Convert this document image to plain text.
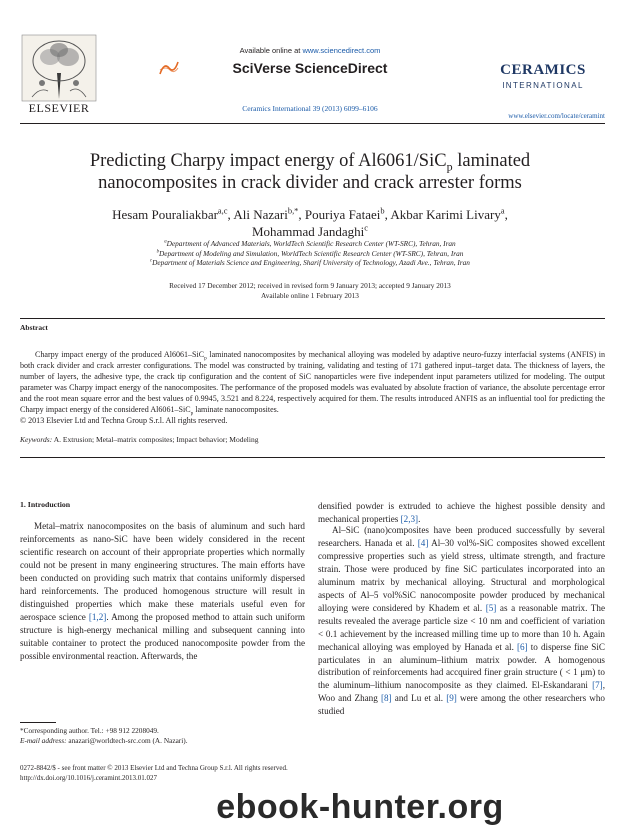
ELSEVIER
Available online at www.sciencedirect.com
SciVerse ScienceDirect
Ceramics International 39 (2013) 6099–6106
CERAMICS
INTERNATIONAL
www.elsevier.com/locate/ceramint
Predicting Charpy impact energy of Al6061/SiC$_p$ laminated
nanocomposites in crack divider and crack arrester forms
Hesam Pouraliakbar$^{a,c}$, Ali Nazari$^{b,*}$, Pouriya Fataei$^b$, Akbar Karimi Livary$^a$,
Mohammad Jandaghi$^c$
$^a$Department of Advanced Materials, WorldTech Scientific Research Center (WT-SRC), Tehran, Iran
$^b$Department of Modeling and Simulation, WorldTech Scientific Research Center (WT-SRC), Tehran, Iran
$^c$Department of Materials Science and Engineering, Sharif University of Technology, Azadi Ave., Tehran, Iran
Received 17 December 2012; received in revised form 9 January 2013; accepted 9 January 2013
Available online 1 February 2013
Abstract
Charpy impact energy of the produced Al6061–SiC$_p$ laminated nanocomposites by mechanical alloying was modeled by adaptive neuro-fuzzy interfacial systems (ANFIS) in both crack divider and crack arrester configurations. The model was constructed by training, validating and testing of 171 gathered input–target data. The thickness of layers, the number of layers, the adhesive type, the crack tip configuration and the content of SiC nanoparticles were five independent input parameters utilized for modeling. The output parameter was Charpy impact energy of the nanocomposites. The performance of the proposed models was evaluated by absolute fraction of variance, the absolute percentage error and the root mean square error and the best values of 0.9945, 3.521 and 8.224, respectively acquired for them. The results introduced ANFIS as an influential tool for predicting the Charpy impact energy of the considered Al6061–SiC$_p$ laminate nanocomposites.
© 2013 Elsevier Ltd and Techna Group S.r.l. All rights reserved.
Keywords: A. Extrusion; Metal–matrix composites; Impact behavior; Modeling
1. Introduction
Metal–matrix nanocomposites on the basis of aluminum and such hard reinforcements as nano-SiC have been widely considered in the recent scientific research on account of their appropriate properties which normally could not be present in many engineering structures. The main efforts have been conducted on providing such matrix that contains uniformly dispersed hard reinforcements. The produced homogenous structure will result in distinguished properties which make these materials useful even for aerospace science [1,2]. Among the proposed method to attain such uniform structure is high-energy mechanical milling and subsequent canning into suitable container to protect the produced nanocomposite powder from the possible environmental reaction. Afterwards, the
densified powder is extruded to achieve the highest possible density and mechanical properties [2,3].
Al–SiC (nano)composites have been produced successfully by several researchers. Hanada et al. [4] Al–30 vol%-SiC composites showed excellent compressive properties such as yield stress, ultimate strength, and fracture strain. Those were produced by fine SiC particulates incorporated into an aluminum matrix by mechanical alloying. Structural and morphological aspects of Al–5 vol%SiC nanocomposite powder produced by mechanical alloying were considered by Khadem et al. [5] as a reasonable matrix. The results revealed the average particle size < 10 nm and coefficient of variation < 0.1 achievement by the increased milling time up to more than 10 h. Again mechanical alloying was employed by Hanada et al. [6] to disperse fine SiC particulates in an aluminum–lithium matrix powder. A homogenous distribution of reinforcements had accquired finer grain structure ( < 1 μm) to the aluminum–lithium nanocomposite as they claimed. El-Eskandarani [7], Woo and Zhang [8] and Lu et al. [9] were among the other researchers who studied
*Corresponding author. Tel.: +98 912 2208049.
E-mail address: anazari@worldtech-src.com (A. Nazari).
0272-8842/$ - see front matter © 2013 Elsevier Ltd and Techna Group S.r.l. All rights reserved.
http://dx.doi.org/10.1016/j.ceramint.2013.01.027
ebook-hunter.org
